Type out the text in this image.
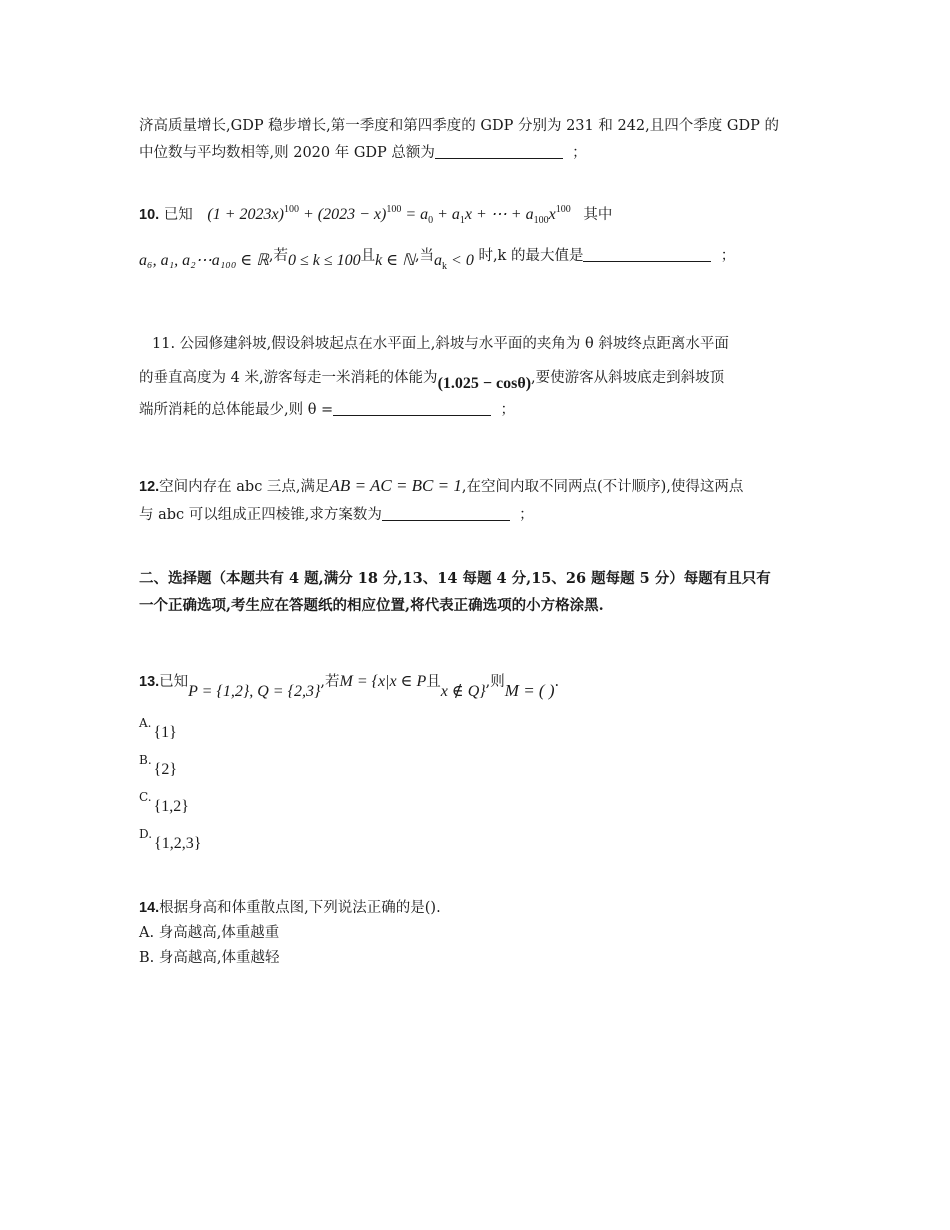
济高质量增长,GDP 稳步增长,第一季度和第四季度的 GDP 分别为 231 和 242,且四个季度 GDP 的
中位数与平均数相等,则 2020 年 GDP 总额为	；
10. 已知 $(1 + 2023x)^{100} + (2023 - x)^{100} = a_0 + a_1x$ + ⋯ + $a_{100}x^{100}$ 其中
a₆, a₁, a₂⋯a₁₀₀ ∈ ℝ,若0 ≤ k ≤ 100且k ∈ ℕ,当$a_k < 0$ 时,k 的最大值是	；
11. 公园修建斜坡,假设斜坡起点在水平面上,斜坡与水平面的夹角为 θ 斜坡终点距离水平面
的垂直高度为 4 米,游客每走一米消耗的体能为(1.025 − cosθ),要使游客从斜坡底走到斜坡顶
端所消耗的总体能最少,则 θ =	；
12.空间内存在 abc 三点,满足AB = AC = BC = 1,在空间内取不同两点(不计顺序),使得这两点
与 abc 可以组成正四棱锥,求方案数为	；
二、选择题（本题共有 4 题,满分 18 分,13、14 每题 4 分,15、26 题每题 5 分）每题有且只有
一个正确选项,考生应在答题纸的相应位置,将代表正确选项的小方格涂黑.
13.已知P = {1,2}, Q = {2,3},若M = {x|x ∈ P且x ∉ Q},则M = ( ).
A.{1}
B.{2}
C.{1,2}
D.{1,2,3}
14.根据身高和体重散点图,下列说法正确的是().
A. 身高越高,体重越重
B. 身高越高,体重越轻
